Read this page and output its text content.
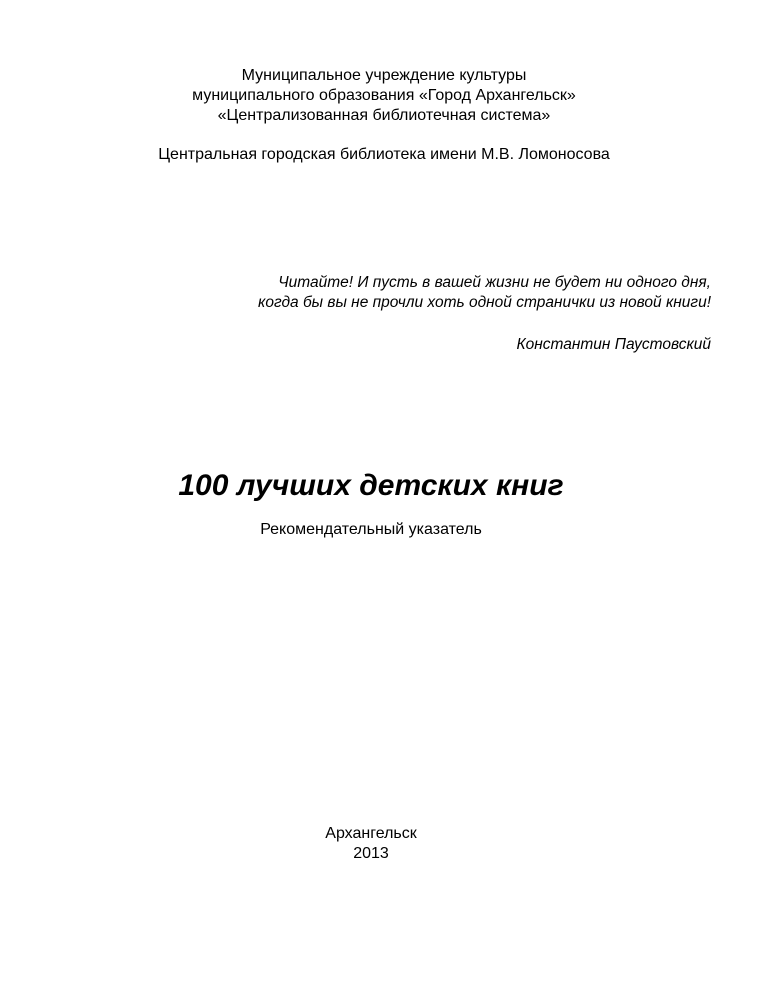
Муниципальное учреждение культуры
муниципального образования «Город Архангельск»
«Централизованная библиотечная система»
Центральная городская библиотека имени М.В. Ломоносова
Читайте! И пусть в вашей жизни не будет ни одного дня,
когда бы вы не прочли хоть одной странички из новой книги!
Константин Паустовский
100 лучших детских книг
Рекомендательный указатель
Архангельск
2013
